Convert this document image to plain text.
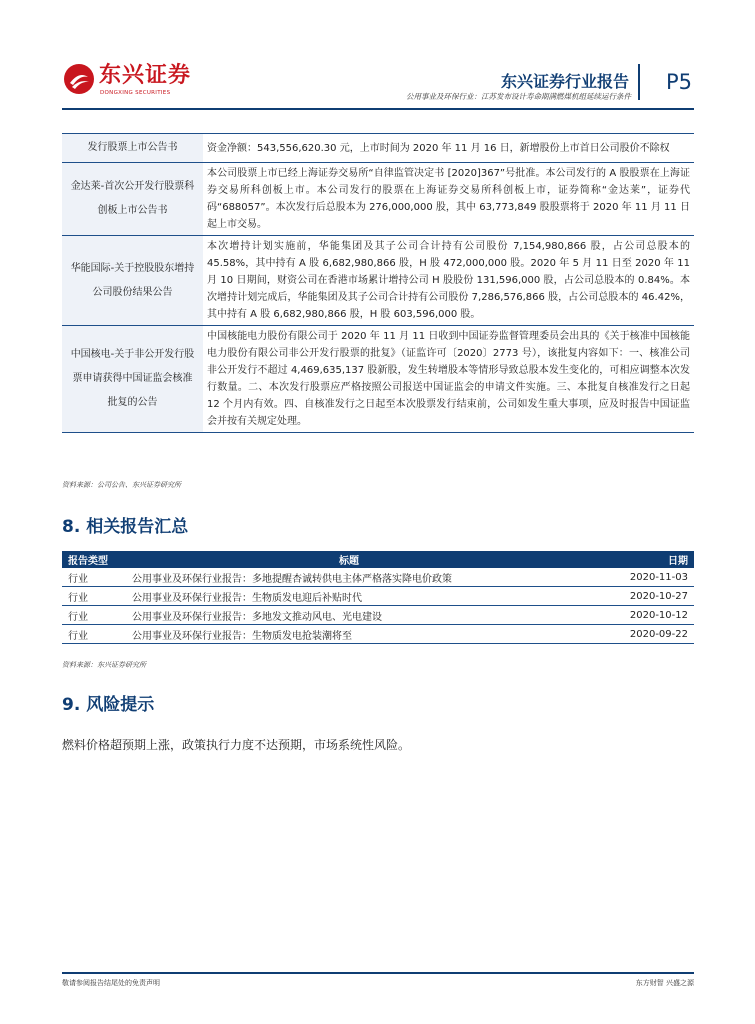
东兴证券
DONGXING SECURITIES
东兴证券行业报告
公用事业及环保行业：江苏发布设计寿命期满燃煤机组延续运行条件
P5
发行股票上市公告书	资金净额：543,556,620.30 元，上市时间为 2020 年 11 月 16 日，新增股份上市首日公司股价不除权
金达莱-首次公开发行股票科创板上市公告书	本公司股票上市已经上海证券交易所“自律监管决定书 [2020]367”号批准。本公司发行的 A 股股票在上海证券交易所科创板上市。本公司发行的股票在上海证券交易所科创板上市，证券简称“金达莱”，证券代码“688057”。本次发行后总股本为 276,000,000 股，其中 63,773,849 股股票将于 2020 年 11 月 11 日起上市交易。
华能国际-关于控股股东增持公司股份结果公告	本次增持计划实施前，华能集团及其子公司合计持有公司股份 7,154,980,866 股，占公司总股本的 45.58%，其中持有 A 股 6,682,980,866 股，H 股 472,000,000 股。2020 年 5 月 11 日至 2020 年 11 月 10 日期间，财资公司在香港市场累计增持公司 H 股股份 131,596,000 股，占公司总股本的 0.84%。本次增持计划完成后，华能集团及其子公司合计持有公司股份 7,286,576,866 股，占公司总股本的 46.42%，其中持有 A 股 6,682,980,866 股，H 股 603,596,000 股。
中国核电-关于非公开发行股票申请获得中国证监会核准批复的公告	中国核能电力股份有限公司于 2020 年 11 月 11 日收到中国证券监督管理委员会出具的《关于核准中国核能电力股份有限公司非公开发行股票的批复》（证监许可〔2020〕2773 号），该批复内容如下：一、核准公司非公开发行不超过 4,469,635,137 股新股，发生转增股本等情形导致总股本发生变化的，可相应调整本次发行数量。二、本次发行股票应严格按照公司报送中国证监会的申请文件实施。三、本批复自核准发行之日起 12 个月内有效。四、自核准发行之日起至本次股票发行结束前，公司如发生重大事项，应及时报告中国证监会并按有关规定处理。
资料来源：公司公告、东兴证券研究所
8. 相关报告汇总
报告类型	标题	日期
行业	公用事业及环保行业报告：多地提醒杏诚转供电主体严格落实降电价政策	2020-11-03
行业	公用事业及环保行业报告：生物质发电迎后补贴时代	2020-10-27
行业	公用事业及环保行业报告：多地发文推动风电、光电建设	2020-10-12
行业	公用事业及环保行业报告：生物质发电抢装潮将至	2020-09-22
资料来源：东兴证券研究所
9. 风险提示
燃料价格超预期上涨，政策执行力度不达预期，市场系统性风险。
敬请参阅报告结尾处的免责声明	东方财智 兴盛之源
